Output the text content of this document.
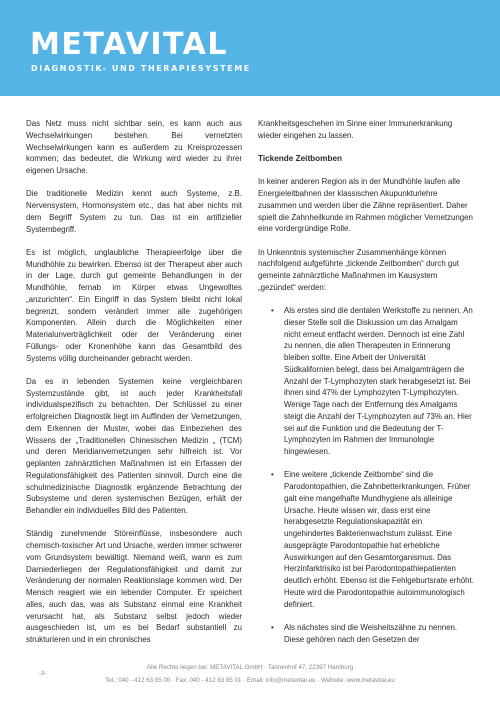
METAVITAL
DIAGNOSTIK- UND THERAPIESYSTEME

Das Netz muss nicht sichtbar sein, es kann auch aus Wechselwirkungen bestehen. Bei vernetzten Wechselwirkungen kann es außerdem zu Kreisprozessen kommen; das bedeutet, die Wirkung wird wieder zu ihrer eigenen Ursache.

Die traditionelle Medizin kennt auch Systeme, z.B. Nervensystem, Hormonsystem etc., das hat aber nichts mit dem Begriff System zu tun. Das ist ein artifizieller Systembegriff.

Es ist möglich, unglaubliche Therapieerfolge über die Mundhöhle zu bewirken. Ebenso ist der Therapeut aber auch in der Lage, durch gut gemeinte Behandlungen in der Mundhöhle, fernab im Körper etwas Ungewolltes „anzurichten“. Ein Eingriff in das System bleibt nicht lokal begrenzt, sondern verändert immer alle zugehörigen Komponenten. Allein durch die Möglichkeiten einer Materialunverträglichkeit oder der Veränderung einer Füllungs- oder Kronenhöhe kann das Gesamtbild des Systems völlig durcheinander gebracht werden.

Da es in lebenden Systemen keine vergleichbaren Systemzustände gibt, ist auch jeder Krankheitsfall individualspezifisch zu betrachten. Der Schlüssel zu einer erfolgreichen Diagnostik liegt im Auffinden der Vernetzungen, dem Erkennen der Muster, wobei das Einbeziehen des Wissens der „Traditionellen Chinesischen Medizin „ (TCM) und deren Meridianvernetzungen sehr hilfreich ist. Vor geplanten zahnärztlichen Maßnahmen ist ein Erfassen der Regulationsfähigkeit des Patienten sinnvoll. Durch eine die schulmedizinische Diagnostik ergänzende Betrachtung der Subsysteme und deren systemischen Bezügen, erhält der Behandler ein individuelles Bild des Patienten.

Ständig zunehmende Störeinflüsse, insbesondere auch chemisch-toxischer Art und Ursache, werden immer schwerer vom Grundsystem bewältigt. Niemand weiß, wann es zum Darniederliegen der Regulationsfähigkeit und damit zur Veränderung der normalen Reaktionslage kommen wird. Der Mensch reagiert wie ein lebender Computer. Er speichert alles, auch das, was als Substanz einmal eine Krankheit verursacht hat, als Substanz selbst jedoch wieder ausgeschieden ist, um es bei Bedarf substantiell zu strukturieren und in ein chronisches

Krankheitsgeschehen im Sinne einer Immunerkrankung wieder eingehen zu lassen.

Tickende Zeitbomben

In keiner anderen Region als in der Mundhöhle laufen alle Energieleitbahnen der klassischen Akupunkturlehre zusammen und werden über die Zähne repräsentiert. Daher spielt die Zahnheilkunde im Rahmen möglicher Vernetzungen eine vordergründige Rolle.

In Unkenntnis systemischer Zusammenhänge können nachfolgend aufgeführte „tickende Zeitbomben“ durch gut gemeinte zahnärztliche Maßnahmen im Kausystem „gezündet“ werden:

• Als erstes sind die dentalen Werkstoffe zu nennen. An dieser Stelle soll die Diskussion um das Amalgam nicht erneut entfacht werden. Dennoch ist eine Zahl zu nennen, die allen Therapeuten in Erinnerung bleiben sollte. Eine Arbeit der Universität Südkalifornien belegt, dass bei Amalgamträgern die Anzahl der T-Lymphozyten stark herabgesetzt ist. Bei ihnen sind 47% der Lymphozyten T-Lymphozyten. Wenige Tage nach der Entfernung des Amalgams steigt die Anzahl der T-Lymphozyten auf 73% an. Hier sei auf die Funktion und die Bedeutung der T-Lymphozyten im Rahmen der Immunologie hingewiesen.
• Eine weitere „tickende Zeitbombe“ sind die Parodontopathien, die Zahnbetterkrankungen. Früher galt eine mangelhafte Mundhygiene als alleinige Ursache. Heute wissen wir, dass erst eine herabgesetzte Regulationskapazität ein ungehindertes Bakterienwachstum zulässt. Eine ausgeprägte Parodontopathie hat erhebliche Auswirkungen auf den Gesamtorganismus. Das Herzinfarktrisiko ist bei Parodontopathiepatienten deutlich erhöht. Ebenso ist die Fehlgeburtsrate erhöht. Heute wird die Parodontopathie autoimmunologisch definiert.
• Als nächstes sind die Weisheitszähne zu nennen. Diese gehören nach den Gesetzen der
-3-
Alle Rechte liegen bei: METAVITAL GmbH · Tannenhof 47, 22397 Hamburg
Tel.: 040 - 412 63 85 00 · Fax: 040 - 412 63 85 01 · Email: info@metavital.eu · Website: www.metavital.eu
